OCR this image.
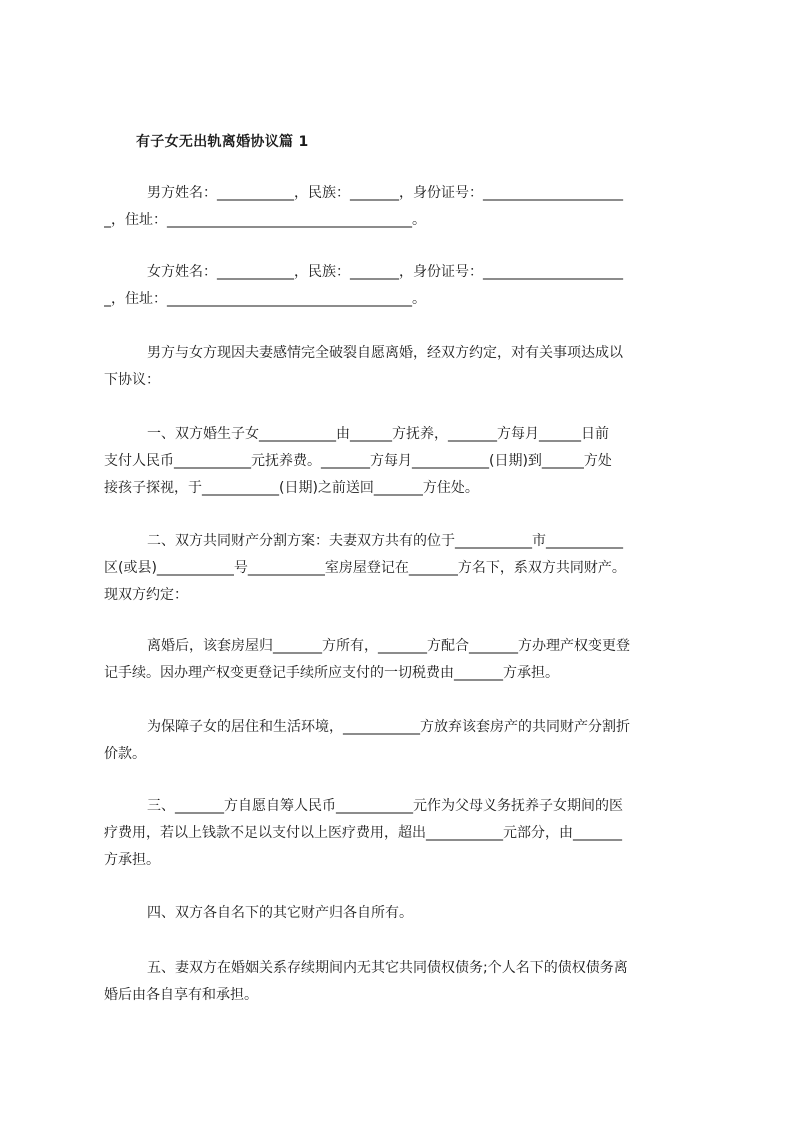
有子女无出轨离婚协议篇 1
男方姓名：___________，民族：_______，身份证号：____________________
_，住址：___________________________________。
女方姓名：___________，民族：_______，身份证号：____________________
_，住址：___________________________________。
男方与女方现因夫妻感情完全破裂自愿离婚，经双方约定，对有关事项达成以
下协议：
一、双方婚生子女___________由______方抚养，_______方每月______日前
支付人民币___________元抚养费。_______方每月___________(日期)到______方处
接孩子探视，于___________(日期)之前送回_______方住处。
二、双方共同财产分割方案：夫妻双方共有的位于___________市___________
区(或县)___________号___________室房屋登记在_______方名下，系双方共同财产。
现双方约定：
离婚后，该套房屋归_______方所有，_______方配合_______方办理产权变更登
记手续。因办理产权变更登记手续所应支付的一切税费由_______方承担。
为保障子女的居住和生活环境，___________方放弃该套房产的共同财产分割折
价款。
三、_______方自愿自筹人民币___________元作为父母义务抚养子女期间的医
疗费用，若以上钱款不足以支付以上医疗费用，超出___________元部分，由_______
方承担。
四、双方各自名下的其它财产归各自所有。
五、妻双方在婚姻关系存续期间内无其它共同债权债务;个人名下的债权债务离
婚后由各自享有和承担。
